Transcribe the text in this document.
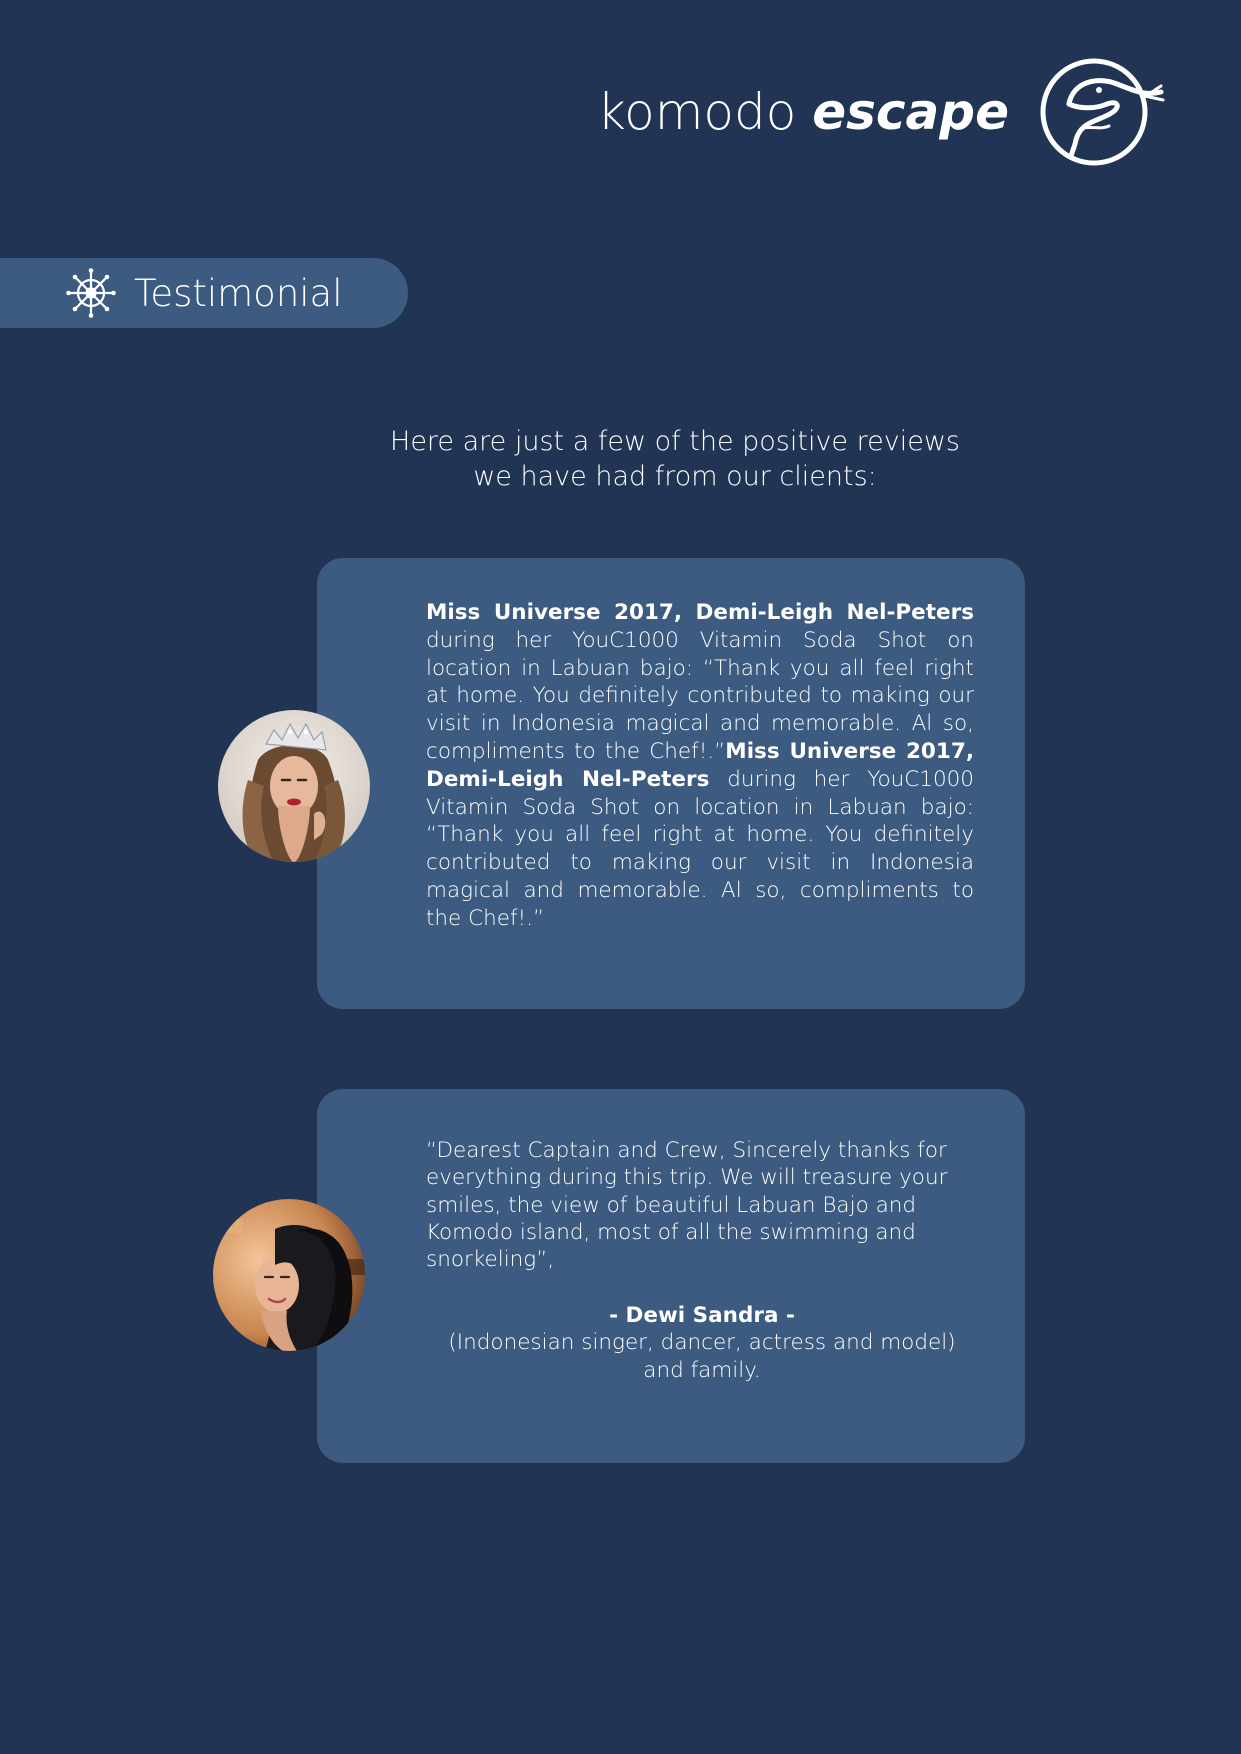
komodo escape
Testimonial
Here are just a few of the positive reviews
we have had from our clients:
Miss Universe 2017, Demi-Leigh Nel-Peters during her YouC1000 Vitamin Soda Shot on location in Labuan bajo: “Thank you all feel right at home. You definitely contributed to making our visit in Indonesia magical and memorable. Al so, compliments to the Chef!.”Miss Universe 2017, Demi-Leigh Nel-Peters during her YouC1000 Vitamin Soda Shot on location in Labuan bajo: “Thank you all feel right at home. You definitely contributed to making our visit in Indonesia magical and memorable. Al so, compliments to the Chef!.”
“Dearest Captain and Crew, Sincerely thanks for everything during this trip. We will treasure your smiles, the view of beautiful Labuan Bajo and Komodo island, most of all the swimming and snorkeling”,
- Dewi Sandra -
(Indonesian singer, dancer, actress and model) and family.
